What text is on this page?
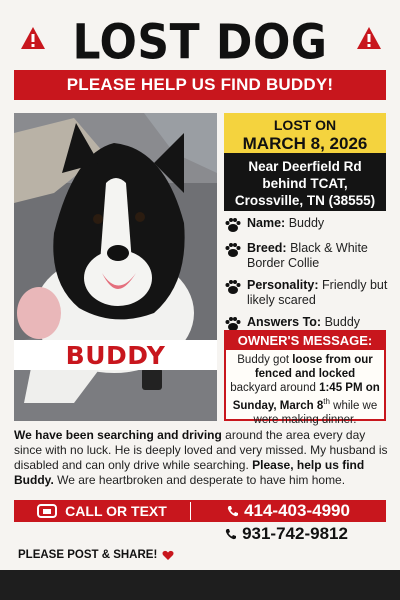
LOST DOG
PLEASE HELP US FIND BUDDY!
BUDDY
LOST ON
MARCH 8, 2026
Near Deerfield Rd
behind TCAT,
Crossville, TN (38555)
Name: Buddy
Breed: Black & White Border Collie
Personality: Friendly but likely scared
Answers To: Buddy
OWNER'S MESSAGE:
Buddy got loose from our fenced and locked backyard around 1:45 PM on Sunday, March 8th while we were making dinner.
We have been searching and driving around the area every day since with no luck. He is deeply loved and very missed. My husband is disabled and can only drive while searching. Please, help us find Buddy. We are heartbroken and desperate to have him home.
CALL OR TEXT	414-403-4990
931-742-9812
PLEASE POST & SHARE!
